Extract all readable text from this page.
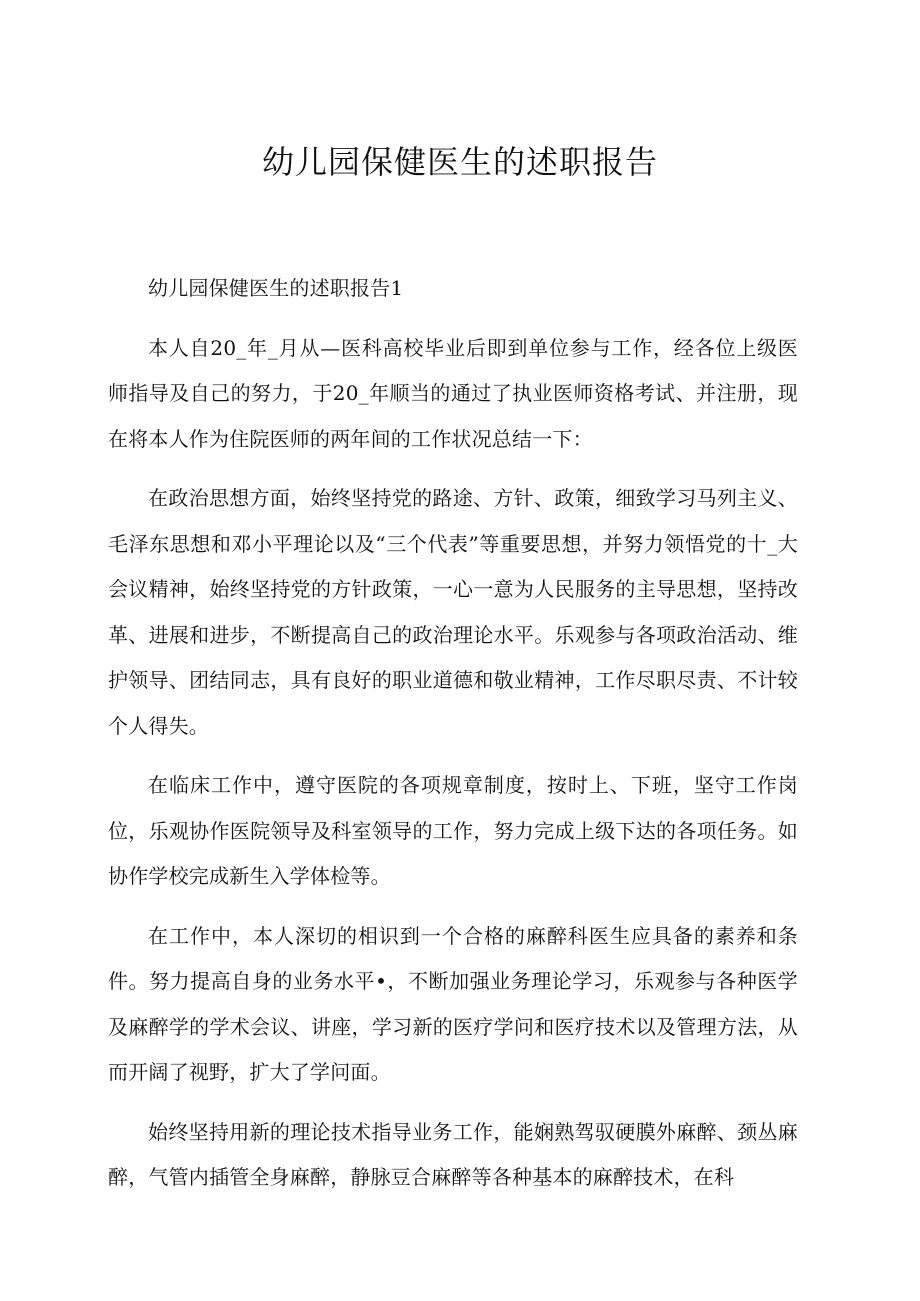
幼儿园保健医生的述职报告

幼儿园保健医生的述职报告1

本人自20_年_月从—医科高校毕业后即到单位参与工作，经各位上级医师指导及自己的努力，于20_年顺当的通过了执业医师资格考试、并注册，现在将本人作为住院医师的两年间的工作状况总结一下：

在政治思想方面，始终坚持党的路途、方针、政策，细致学习马列主义、毛泽东思想和邓小平理论以及“三个代表”等重要思想，并努力领悟党的十_大会议精神，始终坚持党的方针政策，一心一意为人民服务的主导思想，坚持改革、进展和进步，不断提高自己的政治理论水平。乐观参与各项政治活动、维护领导、团结同志，具有良好的职业道德和敬业精神，工作尽职尽责、不计较个人得失。

在临床工作中，遵守医院的各项规章制度，按时上、下班，坚守工作岗位，乐观协作医院领导及科室领导的工作，努力完成上级下达的各项任务。如协作学校完成新生入学体检等。

在工作中，本人深切的相识到一个合格的麻醉科医生应具备的素养和条件。努力提高自身的业务水平•，不断加强业务理论学习，乐观参与各种医学及麻醉学的学术会议、讲座，学习新的医疗学问和医疗技术以及管理方法，从而开阔了视野，扩大了学问面。

始终坚持用新的理论技术指导业务工作，能娴熟驾驭硬膜外麻醉、颈丛麻醉，气管内插管全身麻醉，静脉豆合麻醉等各种基本的麻醉技术，在科
